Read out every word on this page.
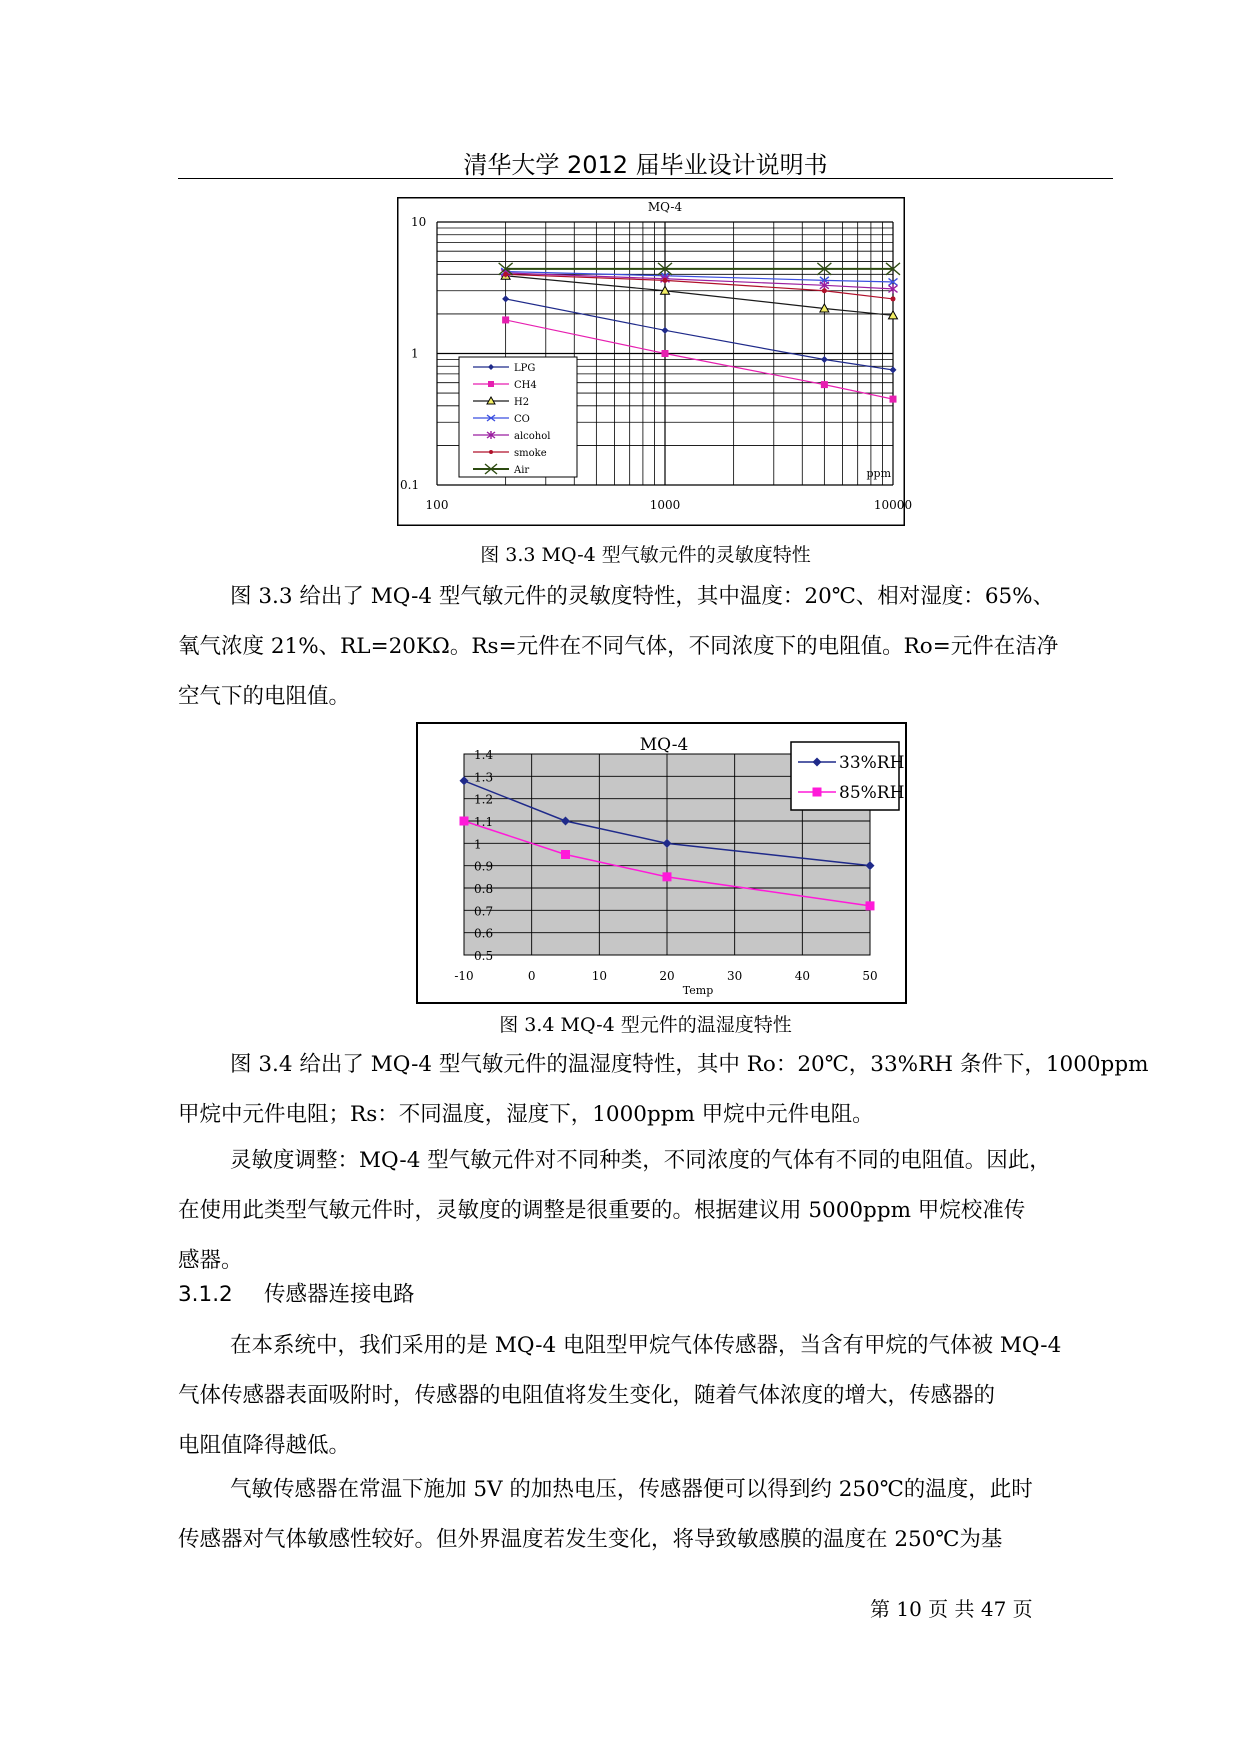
清华大学 2012 届毕业设计说明书
MQ-4
10
1
0.1
100	1000	10000
ppm
LPG
CH4
H2
CO
alcohol
smoke
Air
图 3.3 MQ-4 型气敏元件的灵敏度特性

图 3.3 给出了 MQ-4 型气敏元件的灵敏度特性，其中温度：20℃、相对湿度：65%、
氧气浓度 21%、RL=20KΩ。Rs=元件在不同气体，不同浓度下的电阻值。Ro=元件在洁净
空气下的电阻值。

MQ-4
1.4
1.3
1.2
1.1
1
0.9
0.8
0.7
0.6
0.5
-10	0	10	20	30	40	50
Temp
33%RH
85%RH
图 3.4 MQ-4 型元件的温湿度特性

图 3.4 给出了 MQ-4 型气敏元件的温湿度特性，其中 Ro：20℃，33%RH 条件下，1000ppm
甲烷中元件电阻；Rs：不同温度，湿度下，1000ppm 甲烷中元件电阻。

灵敏度调整：MQ-4 型气敏元件对不同种类，不同浓度的气体有不同的电阻值。因此，
在使用此类型气敏元件时，灵敏度的调整是很重要的。根据建议用 5000ppm 甲烷校准传
感器。

3.1.2 传感器连接电路

在本系统中，我们采用的是 MQ-4 电阻型甲烷气体传感器，当含有甲烷的气体被 MQ-4
气体传感器表面吸附时，传感器的电阻值将发生变化，随着气体浓度的增大，传感器的
电阻值降得越低。

气敏传感器在常温下施加 5V 的加热电压，传感器便可以得到约 250℃的温度，此时
传感器对气体敏感性较好。但外界温度若发生变化，将导致敏感膜的温度在 250℃为基

第 10 页 共 47 页
